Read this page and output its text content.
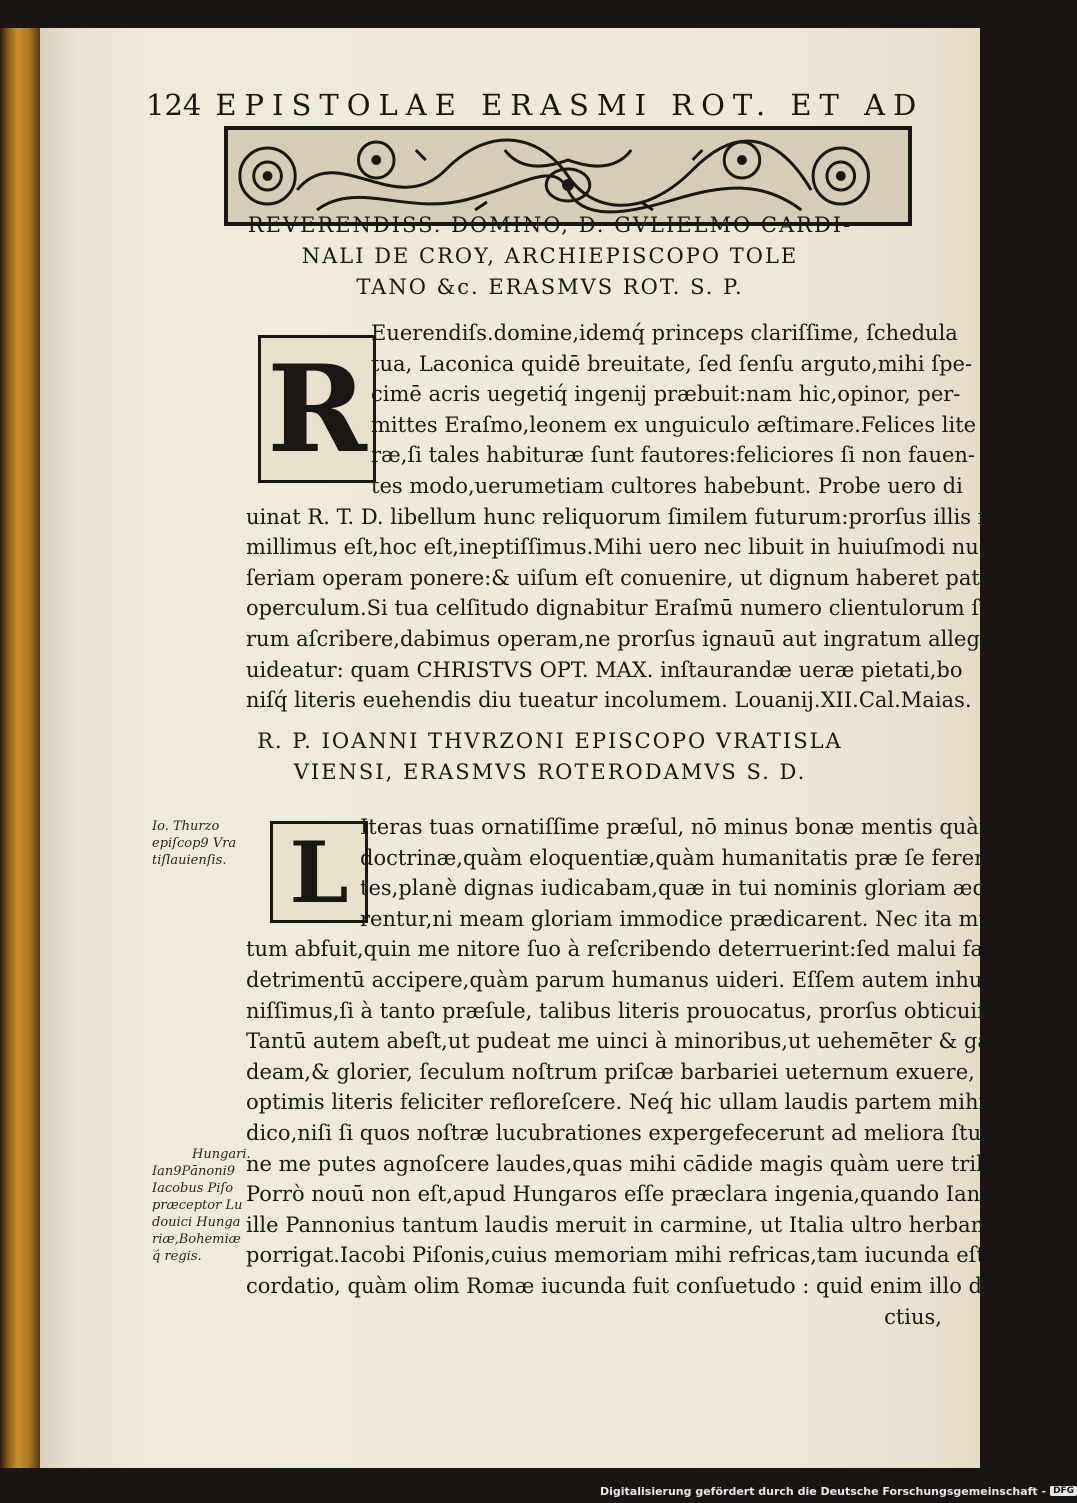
124 EPISTOLAE ERASMI ROT. ET AD
REVERENDISS. DOMINO, D. GVLIELMO CARDI-
NALI DE CROY, ARCHIEPISCOPO TOLE
TANO &c. ERASMVS ROT. S. P.
R
Euerendiſs.domine,idemq́ princeps clariſſime, ſchedula
tua, Laconica quidē breuitate, ſed ſenſu arguto,mihi ſpe-
cimē acris uegetiq́ ingenij præbuit:nam hic,opinor, per-
mittes Eraſmo,leonem ex unguiculo æſtimare.Felices lite
ræ,ſi tales habituræ ſunt fautores:feliciores ſi non fauen-
tes modo,uerumetiam cultores habebunt. Probe uero di
uinat R. T. D. libellum hunc reliquorum ſimilem futurum:prorſus illis ſi-
millimus eſt,hoc eſt,ineptiſſimus.Mihi uero nec libuit in huiuſmodi nugis
ſeriam operam ponere:& uiſum eſt conuenire, ut dignum haberet patellæ
operculum.Si tua celſitudo dignabitur Eraſmū numero clientulorum ſuo-
rum aſcribere,dabimus operam,ne prorſus ignauū aut ingratum allegiſſe
uideatur: quam CHRISTVS OPT. MAX. inſtaurandæ ueræ pietati,bo
niſq́ literis euehendis diu tueatur incolumem. Louanij.XII.Cal.Maias.
R. P. IOANNI THVRZONI EPISCOPO VRATISLA
VIENSI, ERASMVS ROTERODAMVS S. D.
Io. Thurzo
epiſcop9 Vra
tiſlauienſis. L Iteras tuas ornatiſſime præſul, nō minus bonæ mentis quàm
doctrinæ,quàm eloquentiæ,quàm humanitatis præ ſe feren-
tes,planè dignas iudicabam,quæ in tui nominis gloriam æde
rentur,ni meam gloriam immodice prædicarent. Nec ita mul-
tum abfuit,quin me nitore ſuo à reſcribendo deterruerint:ſed malui famæ
detrimentū accipere,quàm parum humanus uideri. Eſſem autem inhuma
niſſimus,ſi à tanto præſule, talibus literis prouocatus, prorſus obticuiſſem.
Tantū autem abeſt,ut pudeat me uinci à minoribus,ut uehemēter & gau-
deam,& glorier, ſeculum noſtrum priſcæ barbariei ueternum exuere, & in
optimis literis feliciter refloreſcere. Neq́ hic ullam laudis partem mihi uin
dico,niſi ſi quos noſtræ lucubrationes expergefecerunt ad meliora ſtudia:
ne me putes agnoſcere laudes,quas mihi cādide magis quàm uere tribuis.
Porrò nouū non eſt,apud Hungaros eſſe præclara ingenia,quando Ianus
ille Pannonius tantum laudis meruit in carmine, ut Italia ultro herbam illi
porrigat.Iacobi Piſonis,cuius memoriam mihi refricas,tam iucunda eſt re-
cordatio, quàm olim Romæ iucunda fuit conſuetudo : quid enim illo do-
ctius,
Hungari.
Ian9Pānoni9
Iacobus Piſo
præceptor Lu
douici Hunga
riæ,Bohemiæ
q́ regis.
Digitalisierung gefördert durch die Deutsche Forschungsgemeinschaft - DFG
